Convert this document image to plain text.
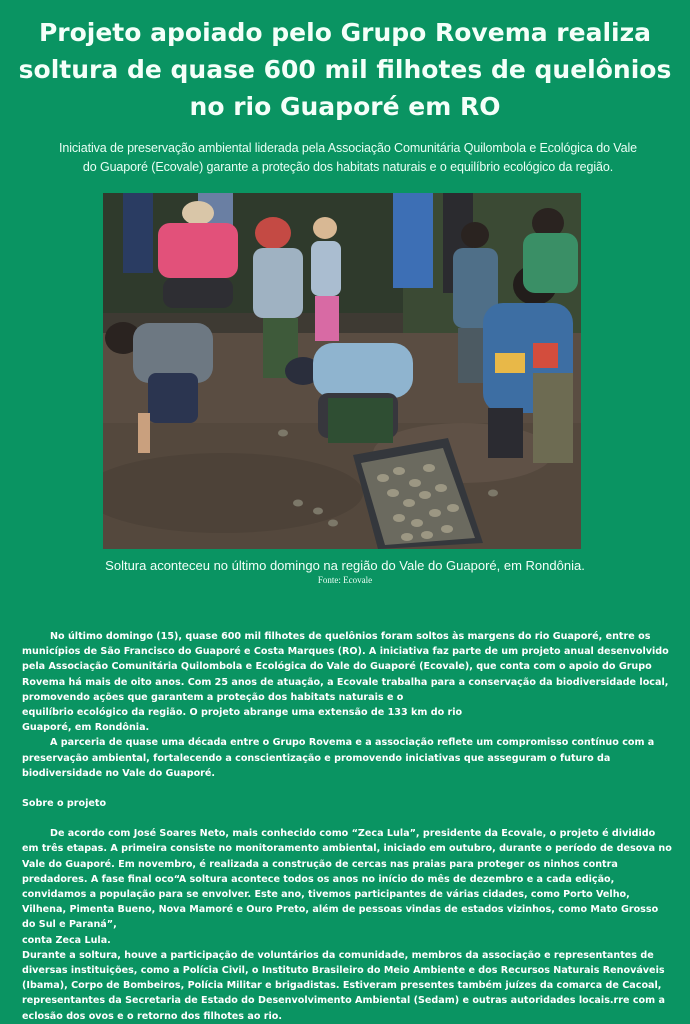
Projeto apoiado pelo Grupo Rovema realiza soltura de quase 600 mil filhotes de quelônios no rio Guaporé em RO

Iniciativa de preservação ambiental liderada pela Associação Comunitária Quilombola e Ecológica do Vale do Guaporé (Ecovale) garante a proteção dos habitats naturais e o equilíbrio ecológico da região.

Soltura aconteceu no último domingo na região do Vale do Guaporé, em Rondônia.

Fonte: Ecovale

No último domingo (15), quase 600 mil filhotes de quelônios foram soltos às margens do rio Guaporé, entre os municípios de São Francisco do Guaporé e Costa Marques (RO). A iniciativa faz parte de um projeto anual desenvolvido pela Associação Comunitária Quilombola e Ecológica do Vale do Guaporé (Ecovale), que conta com o apoio do Grupo Rovema há mais de oito anos. Com 25 anos de atuação, a Ecovale trabalha para a conservação da biodiversidade local, promovendo ações que garantem a proteção dos habitats naturais e o

equilíbrio ecológico da região. O projeto abrange uma extensão de 133 km do rio

Guaporé, em Rondônia.

A parceria de quase uma década entre o Grupo Rovema e a associação reflete um compromisso contínuo com a preservação ambiental, fortalecendo a conscientização e promovendo iniciativas que asseguram o futuro da biodiversidade no Vale do Guaporé.

Sobre o projeto

De acordo com José Soares Neto, mais conhecido como “Zeca Lula”, presidente da Ecovale, o projeto é dividido em três etapas. A primeira consiste no monitoramento ambiental, iniciado em outubro, durante o período de desova no Vale do Guaporé. Em novembro, é realizada a construção de cercas nas praias para proteger os ninhos contra predadores. A fase final oco“A soltura acontece todos os anos no início do mês de dezembro e a cada edição, convidamos a população para se envolver. Este ano, tivemos participantes de várias cidades, como Porto Velho, Vilhena, Pimenta Bueno, Nova Mamoré e Ouro Preto, além de pessoas vindas de estados vizinhos, como Mato Grosso do Sul e Paraná”,

conta Zeca Lula.

Durante a soltura, houve a participação de voluntários da comunidade, membros da associação e representantes de diversas instituições, como a Polícia Civil, o Instituto Brasileiro do Meio Ambiente e dos Recursos Naturais Renováveis (Ibama), Corpo de Bombeiros, Polícia Militar e brigadistas. Estiveram presentes também juízes da comarca de Cacoal, representantes da Secretaria de Estado do Desenvolvimento Ambiental (Sedam) e outras autoridades locais.rre com a eclosão dos ovos e o retorno dos filhotes ao rio.
